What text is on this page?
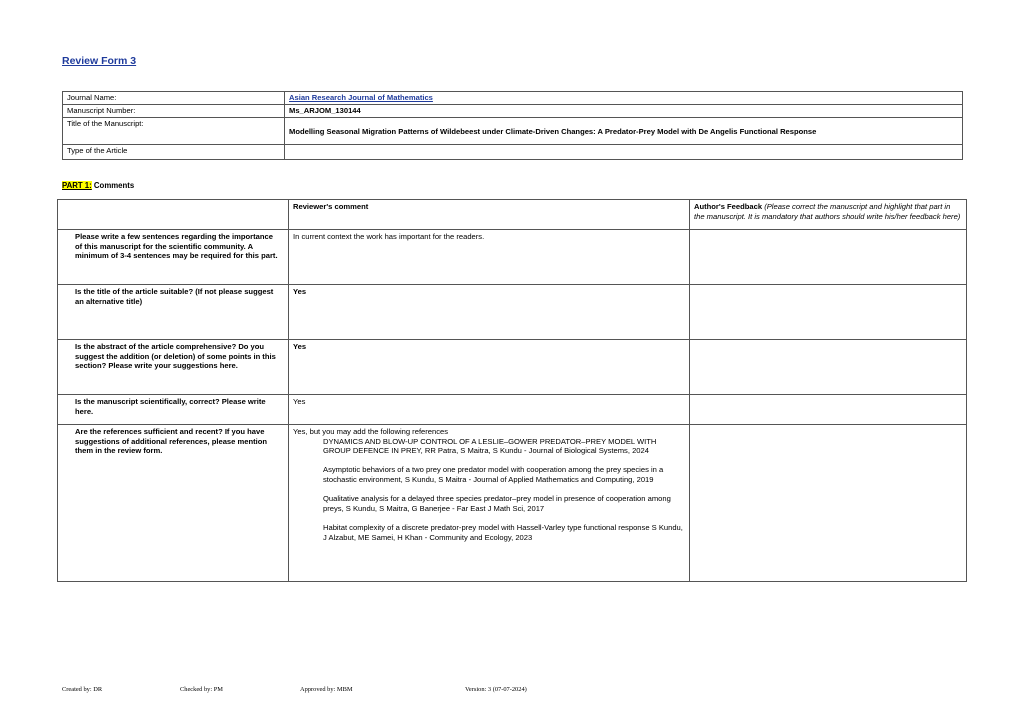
Review Form 3
Journal Name:	Asian Research Journal of Mathematics
Manuscript Number:	Ms_ARJOM_130144
Title of the Manuscript:	Modelling Seasonal Migration Patterns of Wildebeest under Climate-Driven Changes: A Predator-Prey Model with De Angelis Functional Response
Type of the Article	
PART 1: Comments
	Reviewer's comment	Author's Feedback (Please correct the manuscript and highlight that part in the manuscript. It is mandatory that authors should write his/her feedback here)
Please write a few sentences regarding the importance of this manuscript for the scientific community. A minimum of 3-4 sentences may be required for this part.	In current context the work has important for the readers.	
Is the title of the article suitable? (If not please suggest an alternative title)	Yes	
Is the abstract of the article comprehensive? Do you suggest the addition (or deletion) of some points in this section? Please write your suggestions here.	Yes	
Is the manuscript scientifically, correct? Please write here.	Yes	
Are the references sufficient and recent? If you have suggestions of additional references, please mention them in the review form.	Yes, but you may add the following references
DYNAMICS AND BLOW-UP CONTROL OF A LESLIE–GOWER PREDATOR–PREY MODEL WITH GROUP DEFENCE IN PREY, RR Patra, S Maitra, S Kundu - Journal of Biological Systems, 2024
Asymptotic behaviors of a two prey one predator model with cooperation among the prey species in a stochastic environment, S Kundu, S Maitra - Journal of Applied Mathematics and Computing, 2019
Qualitative analysis for a delayed three species predator–prey model in presence of cooperation among preys, S Kundu, S Maitra, G Banerjee - Far East J Math Sci, 2017
Habitat complexity of a discrete predator-prey model with Hassell-Varley type functional response S Kundu, J Alzabut, ME Samei, H Khan - Community and Ecology, 2023	

Created by: DR	Checked by: PM	Approved by: MBM	Version: 3 (07-07-2024)
